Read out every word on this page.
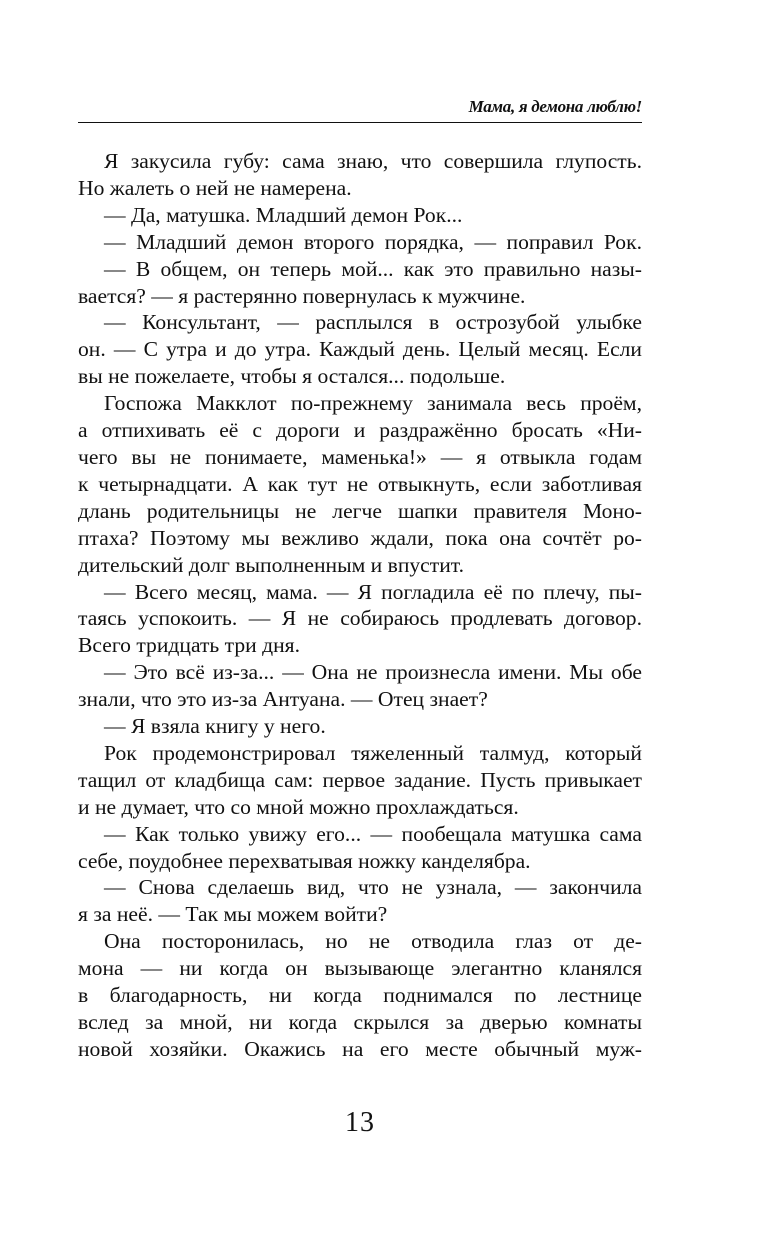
Мама, я демона люблю!

Я закусила губу: сама знаю, что совершила глупость.

Но жалеть о ней не намерена.

— Да, матушка. Младший демон Рок...

— Младший демон второго порядка, — поправил Рок.

— В общем, он теперь мой... как это правильно назы-

вается? — я растерянно повернулась к мужчине.

— Консультант, — расплылся в острозубой улыбке

он. — С утра и до утра. Каждый день. Целый месяц. Если

вы не пожелаете, чтобы я остался... подольше.

Госпожа Макклот по-прежнему занимала весь проём,

а отпихивать её с дороги и раздражённо бросать «Ни-

чего вы не понимаете, маменька!» — я отвыкла годам

к четырнадцати. А как тут не отвыкнуть, если заботливая

длань родительницы не легче шапки правителя Моно-

птаха? Поэтому мы вежливо ждали, пока она сочтёт ро-

дительский долг выполненным и впустит.

— Всего месяц, мама. — Я погладила её по плечу, пы-

таясь успокоить. — Я не собираюсь продлевать договор.

Всего тридцать три дня.

— Это всё из-за... — Она не произнесла имени. Мы обе

знали, что это из-за Антуана. — Отец знает?

— Я взяла книгу у него.

Рок продемонстрировал тяжеленный талмуд, который

тащил от кладбища сам: первое задание. Пусть привыкает

и не думает, что со мной можно прохлаждаться.

— Как только увижу его... — пообещала матушка сама

себе, поудобнее перехватывая ножку канделябра.

— Снова сделаешь вид, что не узнала, — закончила

я за неё. — Так мы можем войти?

Она посторонилась, но не отводила глаз от де-

мона — ни когда он вызывающе элегантно кланялся

в благодарность, ни когда поднимался по лестнице

вслед за мной, ни когда скрылся за дверью комнаты

новой хозяйки. Окажись на его месте обычный муж-

13
